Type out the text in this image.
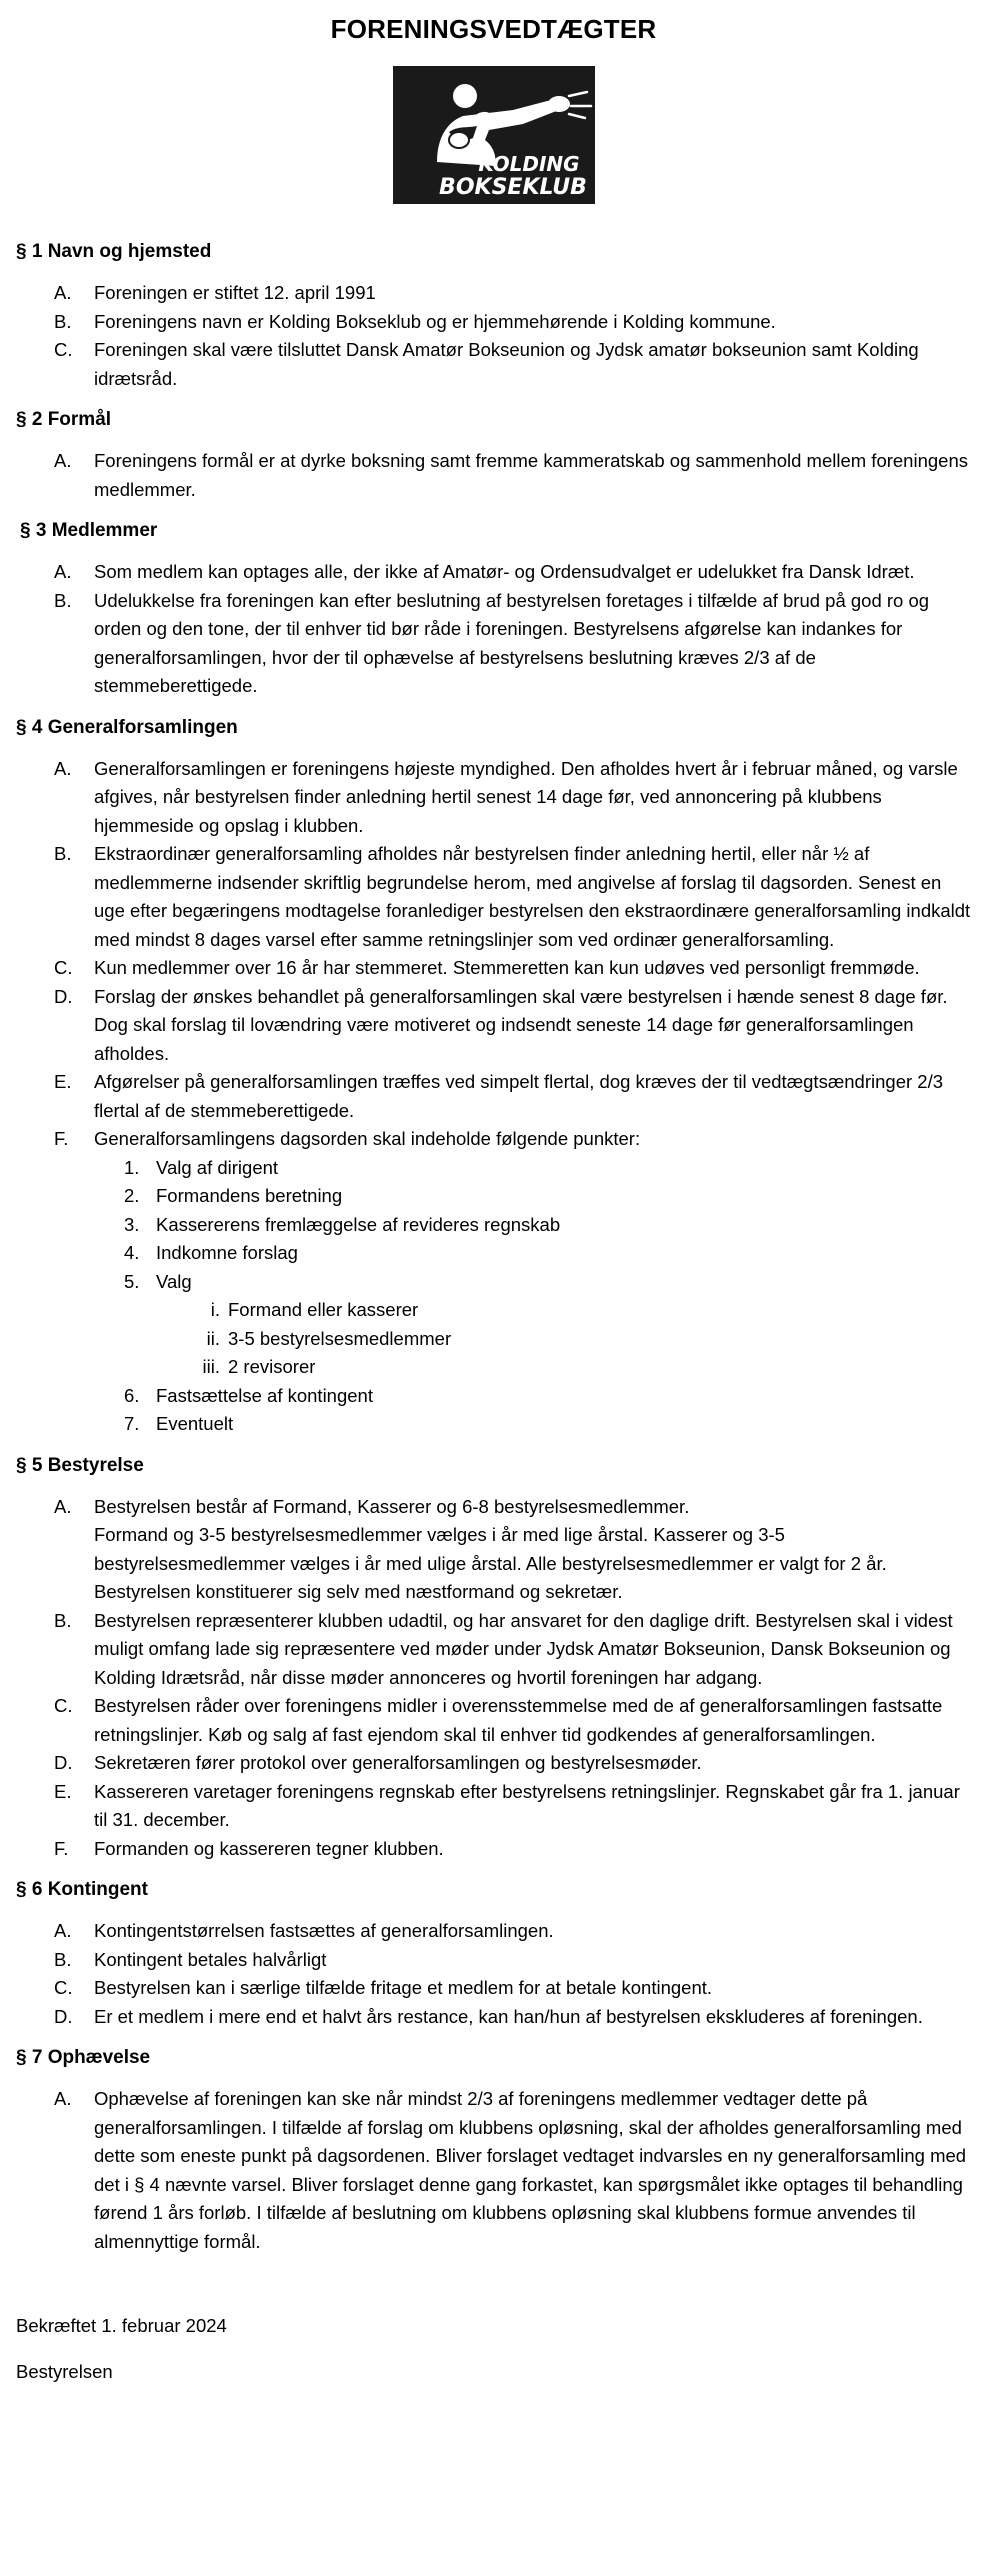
FORENINGSVEDTÆGTER
KOLDING
BOKSEKLUB
§ 1 Navn og hjemsted
A. Foreningen er stiftet 12. april 1991
B. Foreningens navn er Kolding Bokseklub og er hjemmehørende i Kolding kommune.
C. Foreningen skal være tilsluttet Dansk Amatør Bokseunion og Jydsk amatør bokseunion samt Kolding idrætsråd.
§ 2 Formål
A. Foreningens formål er at dyrke boksning samt fremme kammeratskab og sammenhold mellem foreningens medlemmer.
§ 3 Medlemmer
A. Som medlem kan optages alle, der ikke af Amatør- og Ordensudvalget er udelukket fra Dansk Idræt.
B. Udelukkelse fra foreningen kan efter beslutning af bestyrelsen foretages i tilfælde af brud på god ro og orden og den tone, der til enhver tid bør råde i foreningen. Bestyrelsens afgørelse kan indankes for generalforsamlingen, hvor der til ophævelse af bestyrelsens beslutning kræves 2/3 af de stemmeberettigede.
§ 4 Generalforsamlingen
A. Generalforsamlingen er foreningens højeste myndighed. Den afholdes hvert år i februar måned, og varsle afgives, når bestyrelsen finder anledning hertil senest 14 dage før, ved annoncering på klubbens hjemmeside og opslag i klubben.
B. Ekstraordinær generalforsamling afholdes når bestyrelsen finder anledning hertil, eller når ½ af medlemmerne indsender skriftlig begrundelse herom, med angivelse af forslag til dagsorden. Senest en uge efter begæringens modtagelse foranlediger bestyrelsen den ekstraordinære generalforsamling indkaldt med mindst 8 dages varsel efter samme retningslinjer som ved ordinær generalforsamling.
C. Kun medlemmer over 16 år har stemmeret. Stemmeretten kan kun udøves ved personligt fremmøde.
D. Forslag der ønskes behandlet på generalforsamlingen skal være bestyrelsen i hænde senest 8 dage før. Dog skal forslag til lovændring være motiveret og indsendt seneste 14 dage før generalforsamlingen afholdes.
E. Afgørelser på generalforsamlingen træffes ved simpelt flertal, dog kræves der til vedtægtsændringer 2/3 flertal af de stemmeberettigede.
F. Generalforsamlingens dagsorden skal indeholde følgende punkter:
1. Valg af dirigent
2. Formandens beretning
3. Kassererens fremlæggelse af revideres regnskab
4. Indkomne forslag
5. Valg
i. Formand eller kasserer
ii. 3-5 bestyrelsesmedlemmer
iii. 2 revisorer
6. Fastsættelse af kontingent
7. Eventuelt
§ 5 Bestyrelse
A. Bestyrelsen består af Formand, Kasserer og 6-8 bestyrelsesmedlemmer.
Formand og 3-5 bestyrelsesmedlemmer vælges i år med lige årstal. Kasserer og 3-5 bestyrelsesmedlemmer vælges i år med ulige årstal. Alle bestyrelsesmedlemmer er valgt for 2 år. Bestyrelsen konstituerer sig selv med næstformand og sekretær.
B. Bestyrelsen repræsenterer klubben udadtil, og har ansvaret for den daglige drift. Bestyrelsen skal i videst muligt omfang lade sig repræsentere ved møder under Jydsk Amatør Bokseunion, Dansk Bokseunion og Kolding Idrætsråd, når disse møder annonceres og hvortil foreningen har adgang.
C. Bestyrelsen råder over foreningens midler i overensstemmelse med de af generalforsamlingen fastsatte retningslinjer. Køb og salg af fast ejendom skal til enhver tid godkendes af generalforsamlingen.
D. Sekretæren fører protokol over generalforsamlingen og bestyrelsesmøder.
E. Kassereren varetager foreningens regnskab efter bestyrelsens retningslinjer. Regnskabet går fra 1. januar til 31. december.
F. Formanden og kassereren tegner klubben.
§ 6 Kontingent
A. Kontingentstørrelsen fastsættes af generalforsamlingen.
B. Kontingent betales halvårligt
C. Bestyrelsen kan i særlige tilfælde fritage et medlem for at betale kontingent.
D. Er et medlem i mere end et halvt års restance, kan han/hun af bestyrelsen ekskluderes af foreningen.
§ 7 Ophævelse
A. Ophævelse af foreningen kan ske når mindst 2/3 af foreningens medlemmer vedtager dette på generalforsamlingen. I tilfælde af forslag om klubbens opløsning, skal der afholdes generalforsamling med dette som eneste punkt på dagsordenen. Bliver forslaget vedtaget indvarsles en ny generalforsamling med det i § 4 nævnte varsel. Bliver forslaget denne gang forkastet, kan spørgsmålet ikke optages til behandling førend 1 års forløb. I tilfælde af beslutning om klubbens opløsning skal klubbens formue anvendes til almennyttige formål.

Bekræftet 1. februar 2024

Bestyrelsen
